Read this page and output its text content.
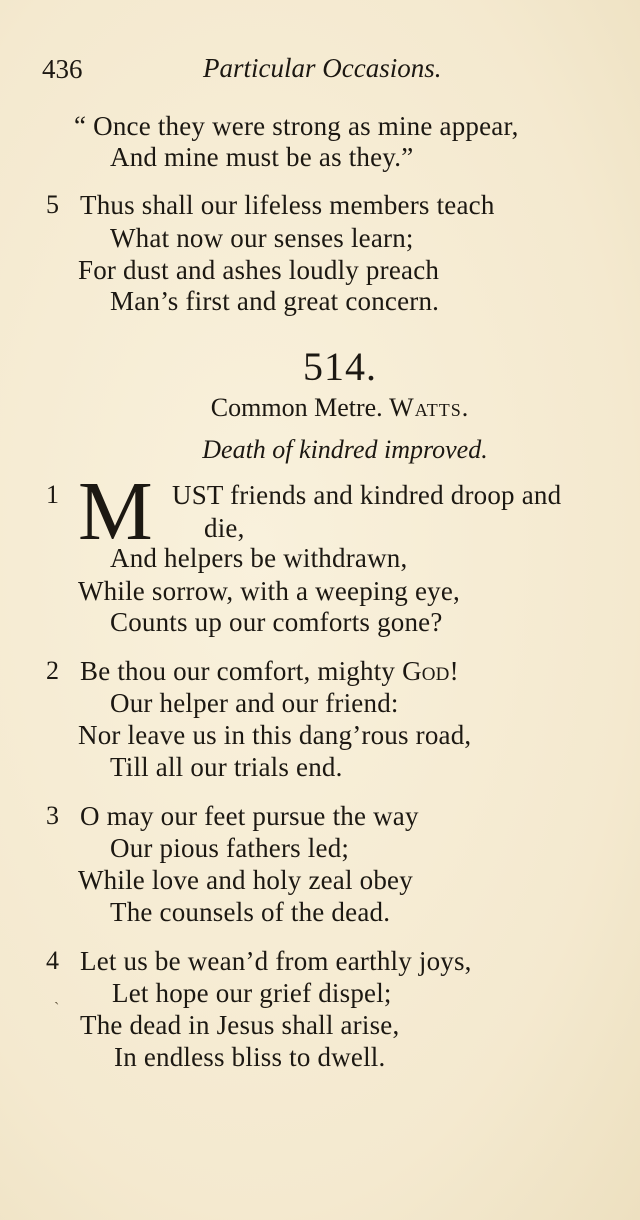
436	Particular Occasions.
“ Once they were strong as mine appear,
And mine must be as they.”
5 Thus shall our lifeless members teach
What now our senses learn;
For dust and ashes loudly preach
Man’s first and great concern.
514.
Common Metre. Watts.
Death of kindred improved.
1 M UST friends and kindred droop and
die,
And helpers be withdrawn,
While sorrow, with a weeping eye,
Counts up our comforts gone?
2 Be thou our comfort, mighty God!
Our helper and our friend:
Nor leave us in this dang’rous road,
Till all our trials end.
3 O may our feet pursue the way
Our pious fathers led;
While love and holy zeal obey
The counsels of the dead.
4 Let us be wean’d from earthly joys,
ˎ Let hope our grief dispel;
The dead in Jesus shall arise,
In endless bliss to dwell.
